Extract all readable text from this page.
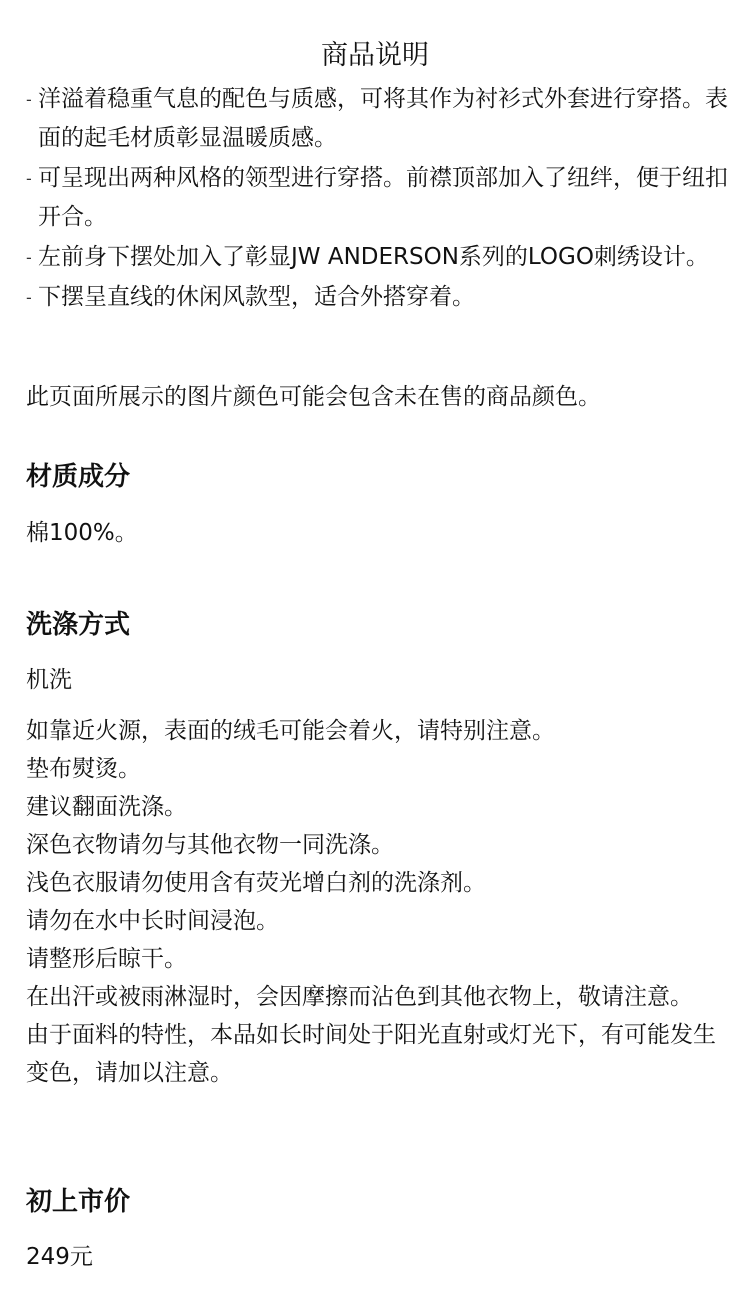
商品说明
- 洋溢着稳重气息的配色与质感，可将其作为衬衫式外套进行穿搭。表面的起毛材质彰显温暖质感。
- 可呈现出两种风格的领型进行穿搭。前襟顶部加入了纽绊，便于纽扣开合。
- 左前身下摆处加入了彰显JW ANDERSON系列的LOGO刺绣设计。
- 下摆呈直线的休闲风款型，适合外搭穿着。

此页面所展示的图片颜色可能会包含未在售的商品颜色。

材质成分

棉100%。

洗涤方式

机洗

如靠近火源，表面的绒毛可能会着火，请特别注意。
垫布熨烫。
建议翻面洗涤。
深色衣物请勿与其他衣物一同洗涤。
浅色衣服请勿使用含有荧光增白剂的洗涤剂。
请勿在水中长时间浸泡。
请整形后晾干。
在出汗或被雨淋湿时，会因摩擦而沾色到其他衣物上，敬请注意。
由于面料的特性，本品如长时间处于阳光直射或灯光下，有可能发生变色，请加以注意。
初上市价

249元
